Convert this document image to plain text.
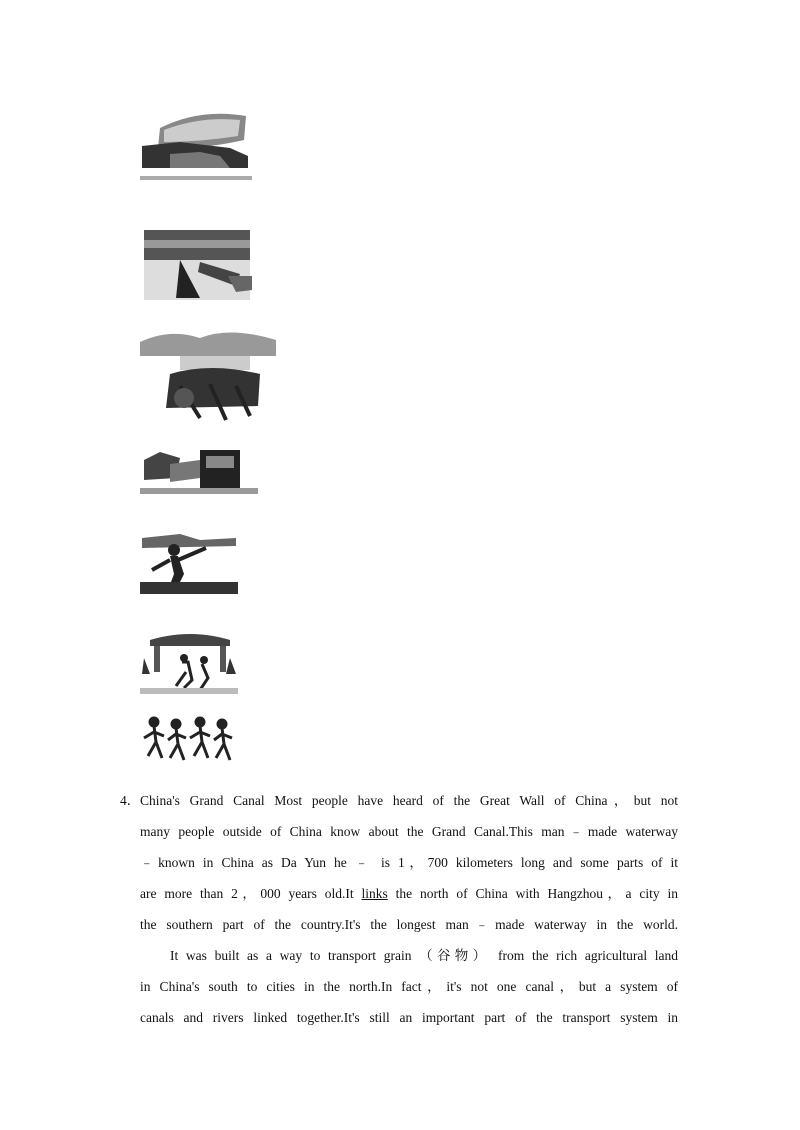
4． China's Grand Canal Most people have heard of the Great Wall of China，but not
many people outside of China know about the Grand Canal.This man﹣made waterway
﹣known in China as Da Yun he ﹣ is 1，700 kilometers long and some parts of it
are more than 2，000 years old.It links the north of China with Hangzhou，a city in
the southern part of the country.It's the longest man﹣made waterway in the world.
It was built as a way to transport grain （谷物） from the rich agricultural land
in China's south to cities in the north.In fact，it's not one canal，but a system of
canals and rivers linked together.It's still an important part of the transport system in
